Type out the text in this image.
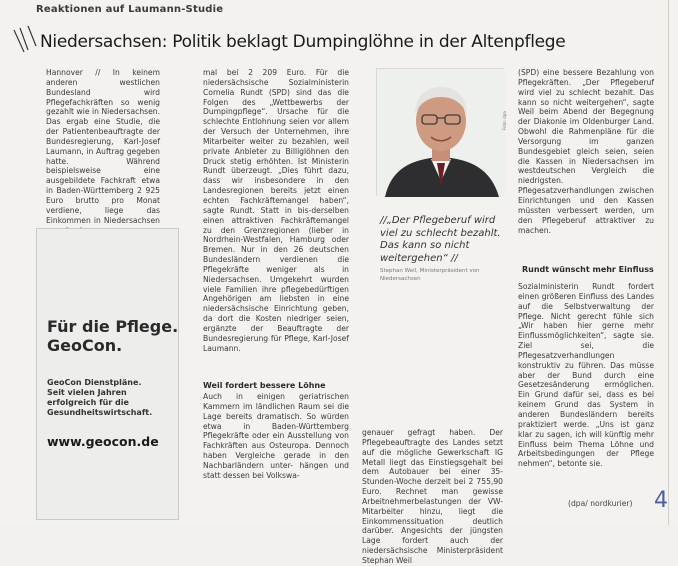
Reaktionen auf Laumann-Studie
Niedersachsen: Politik beklagt Dumpinglöhne in der Altenpflege

Hannover // In keinem anderen westlichen Bundesland wird Pflegefachkräften so wenig gezahlt wie in Niedersachsen. Das ergab eine Studie, die der Patientenbeauftragte der Bundesregierung, Karl-Josef Laumann, in Auftrag gegeben hatte. Während beispielsweise eine ausgebildete Fachkraft etwa in Baden-Württemberg 2 925 Euro brutto pro Monat verdiene, liege das Einkommen in Niedersachsen

Für die Pflege.
GeoCon.
GeoCon Dienstpläne.
Seit vielen Jahren
erfolgreich für die
Gesundheitswirtschaft.
www.geocon.de

mal bei 2 209 Euro. Für die niedersächsische Sozialministerin Cornelia Rundt (SPD) sind das die Folgen des „Wettbewerbs der Dumpingpflege“. Ursache für die schlechte Entlohnung seien vor allem der Versuch der Unternehmen, ihre Mitarbeiter weiter zu bezahlen, weil private Anbieter zu Billiglöhnen den Druck stetig erhöhten. Ist Ministerin Rundt überzeugt. „Dies führt dazu, dass wir insbesondere in den Landesregionen bereits jetzt einen echten Fachkräftemangel haben“, sagte Rundt. Statt in bis-derselben einen attraktiven Fachkräftemangel zu den Grenzregionen (lieber in Nordrhein-Westfalen, Hamburg oder Bremen. Nur in den 26 deutschen Bundesländern verdienen die Pflegekräfte weniger als in Niedersachsen. Umgekehrt wurden viele Familien ihre pflegebedürftigen Angehörigen am liebsten in eine niedersächsische Einrichtung geben, da dort die Kosten niedriger seien, ergänzte der Beauftragte der Bundesregierung für Pflege, Karl-Josef Laumann.

Weil fordert bessere Löhne

Auch in einigen geriatrischen Kammern im ländlichen Raum sei die Lage bereits dramatisch. So würden etwa in Baden-Württemberg Pflegekräfte oder ein Ausstellung von Fachkräften aus Osteuropa. Dennoch haben Vergleiche gerade in den Nachbarländern unter- hängen und statt dessen bei Volkswa-

Foto: dpa
//„Der Pflegeberuf wird viel zu schlecht bezahlt. Das kann so nicht weitergehen“ //
Stephan Weil, Ministerpräsident von Niedersachsen

genauer gefragt haben. Der Pflegebeauftragte des Landes setzt auf die mögliche Gewerkschaft IG Metall liegt das Einstiegsgehalt bei dem Autobauer bei einer 35-Stunden-Woche derzeit bei 2 755,90 Euro. Rechnet man gewisse Arbeitnehmerbelastungen der VW-Mitarbeiter hinzu, liegt die Einkommenssituation deutlich darüber. Angesichts der jüngsten Lage fordert auch der niedersächsische Ministerpräsident Stephan Weil

(SPD) eine bessere Bezahlung von Pflegekräften. „Der Pflegeberuf wird viel zu schlecht bezahlt. Das kann so nicht weitergehen“, sagte Weil beim Abend der Begegnung der Diakonie im Oldenburger Land. Obwohl die Rahmenpläne für die Versorgung im ganzen Bundesgebiet gleich seien, seien die Kassen in Niedersachsen im westdeutschen Vergleich die niedrigsten. Pflegesatzverhandlungen zwischen Einrichtungen und den Kassen müssten verbessert werden, um den Pflegeberuf attraktiver zu machen.

Rundt wünscht mehr Einfluss

Sozialministerin Rundt fordert einen größeren Einfluss des Landes auf die Selbstverwaltung der Pflege. Nicht gerecht fühle sich „Wir haben hier gerne mehr Einflussmöglichkeiten“, sagte sie. Ziel sei, die Pflegesatzverhandlungen konstruktiv zu führen. Das müsse aber der Bund durch eine Gesetzesänderung ermöglichen. Ein Grund dafür sei, dass es bei keinem Grund das System in anderen Bundesländern bereits praktiziert werde. „Uns ist ganz klar zu sagen, ich will künftig mehr Einfluss beim Thema Löhne und Arbeitsbedingungen der Pflege nehmen“, betonte sie.

(dpa/ nordkurier) 4
